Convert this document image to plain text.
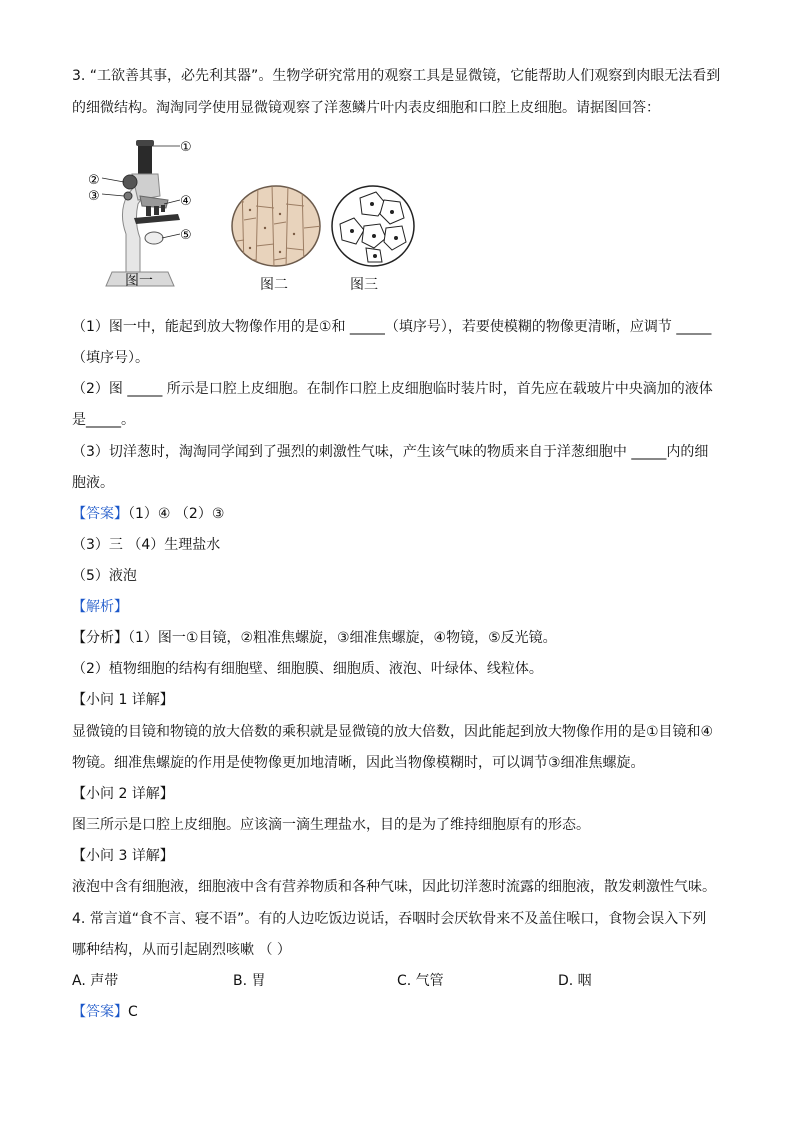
3. “工欲善其事，必先利其器”。生物学研究常用的观察工具是显微镜，它能帮助人们观察到肉眼无法看到
的细微结构。淘淘同学使用显微镜观察了洋葱鳞片叶内表皮细胞和口腔上皮细胞。请据图回答：
①
②
③	④
⑤
图一	图二	图三
（1）图一中，能起到放大物像作用的是①和 _____（填序号），若要使模糊的物像更清晰，应调节 _____
（填序号）。
（2）图 _____ 所示是口腔上皮细胞。在制作口腔上皮细胞临时装片时，首先应在载玻片中央滴加的液体
是_____。
（3）切洋葱时，淘淘同学闻到了强烈的刺激性气味，产生该气味的物质来自于洋葱细胞中 _____内的细
胞液。
【答案】（1）④ （2）③
（3）三 （4）生理盐水
（5）液泡
【解析】
【分析】（1）图一①目镜，②粗准焦螺旋，③细准焦螺旋，④物镜，⑤反光镜。
（2）植物细胞的结构有细胞壁、细胞膜、细胞质、液泡、叶绿体、线粒体。
【小问 1 详解】
显微镜的目镜和物镜的放大倍数的乘积就是显微镜的放大倍数，因此能起到放大物像作用的是①目镜和④
物镜。细准焦螺旋的作用是使物像更加地清晰，因此当物像模糊时，可以调节③细准焦螺旋。
【小问 2 详解】
图三所示是口腔上皮细胞。应该滴一滴生理盐水，目的是为了维持细胞原有的形态。
【小问 3 详解】
液泡中含有细胞液，细胞液中含有营养物质和各种气味，因此切洋葱时流露的细胞液，散发刺激性气味。
4. 常言道“食不言、寝不语”。有的人边吃饭边说话，吞咽时会厌软骨来不及盖住喉口，食物会误入下列
哪种结构，从而引起剧烈咳嗽 （ ）
A. 声带	B. 胃	C. 气管	D. 咽
【答案】C
